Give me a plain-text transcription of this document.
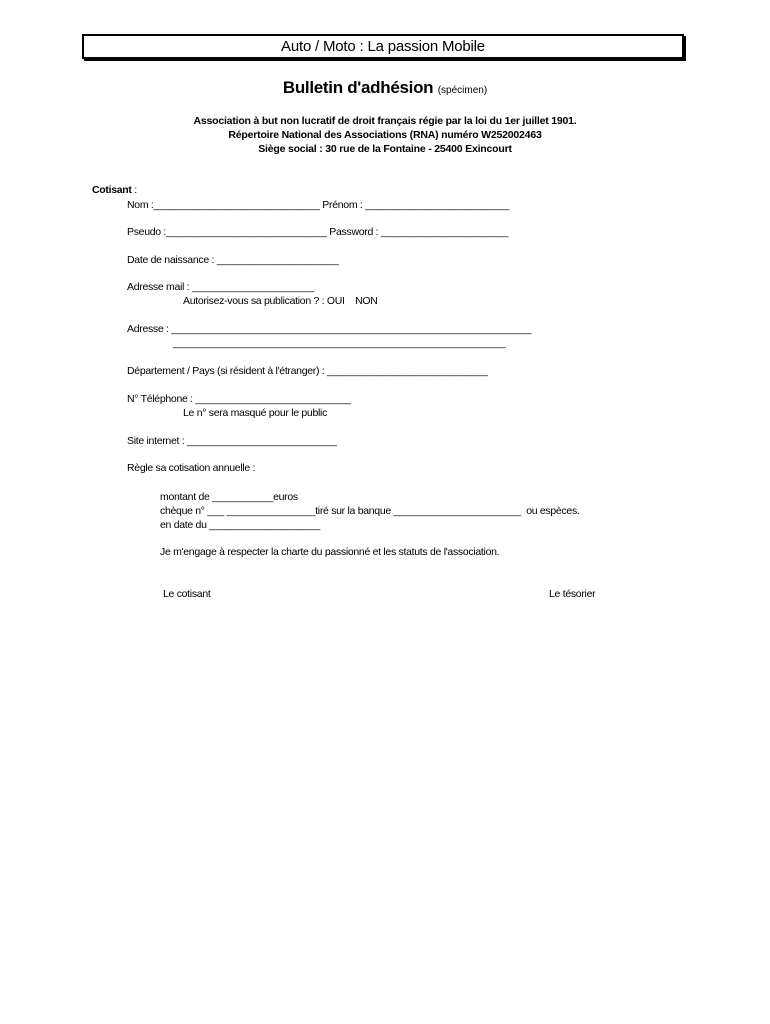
Auto / Moto : La passion Mobile
Bulletin d'adhésion (spécimen)
Association à but non lucratif de droit français régie par la loi du 1er juillet 1901.
Répertoire National des Associations (RNA) numéro W252002463
Siège social : 30 rue de la Fontaine - 25400 Exincourt
Cotisant :
Nom :______________________________ Prénom : __________________________
Pseudo :_____________________________ Password : _______________________
Date de naissance : ______________________
Adresse mail : ______________________
Autorisez-vous sa publication ? : OUI    NON
Adresse : _________________________________________________________________
____________________________________________________________
Département / Pays (si résident à l'étranger) : _____________________________
N° Téléphone : ____________________________
Le n° sera masqué pour le public
Site internet : ___________________________
Règle sa cotisation annuelle :
montant de ___________euros
chèque n° ___ ________________tiré sur la banque _______________________  ou espèces.
en date du ____________________
Je m'engage à respecter la charte du passionné et les statuts de l'association.
Le cotisant	Le tésorier
